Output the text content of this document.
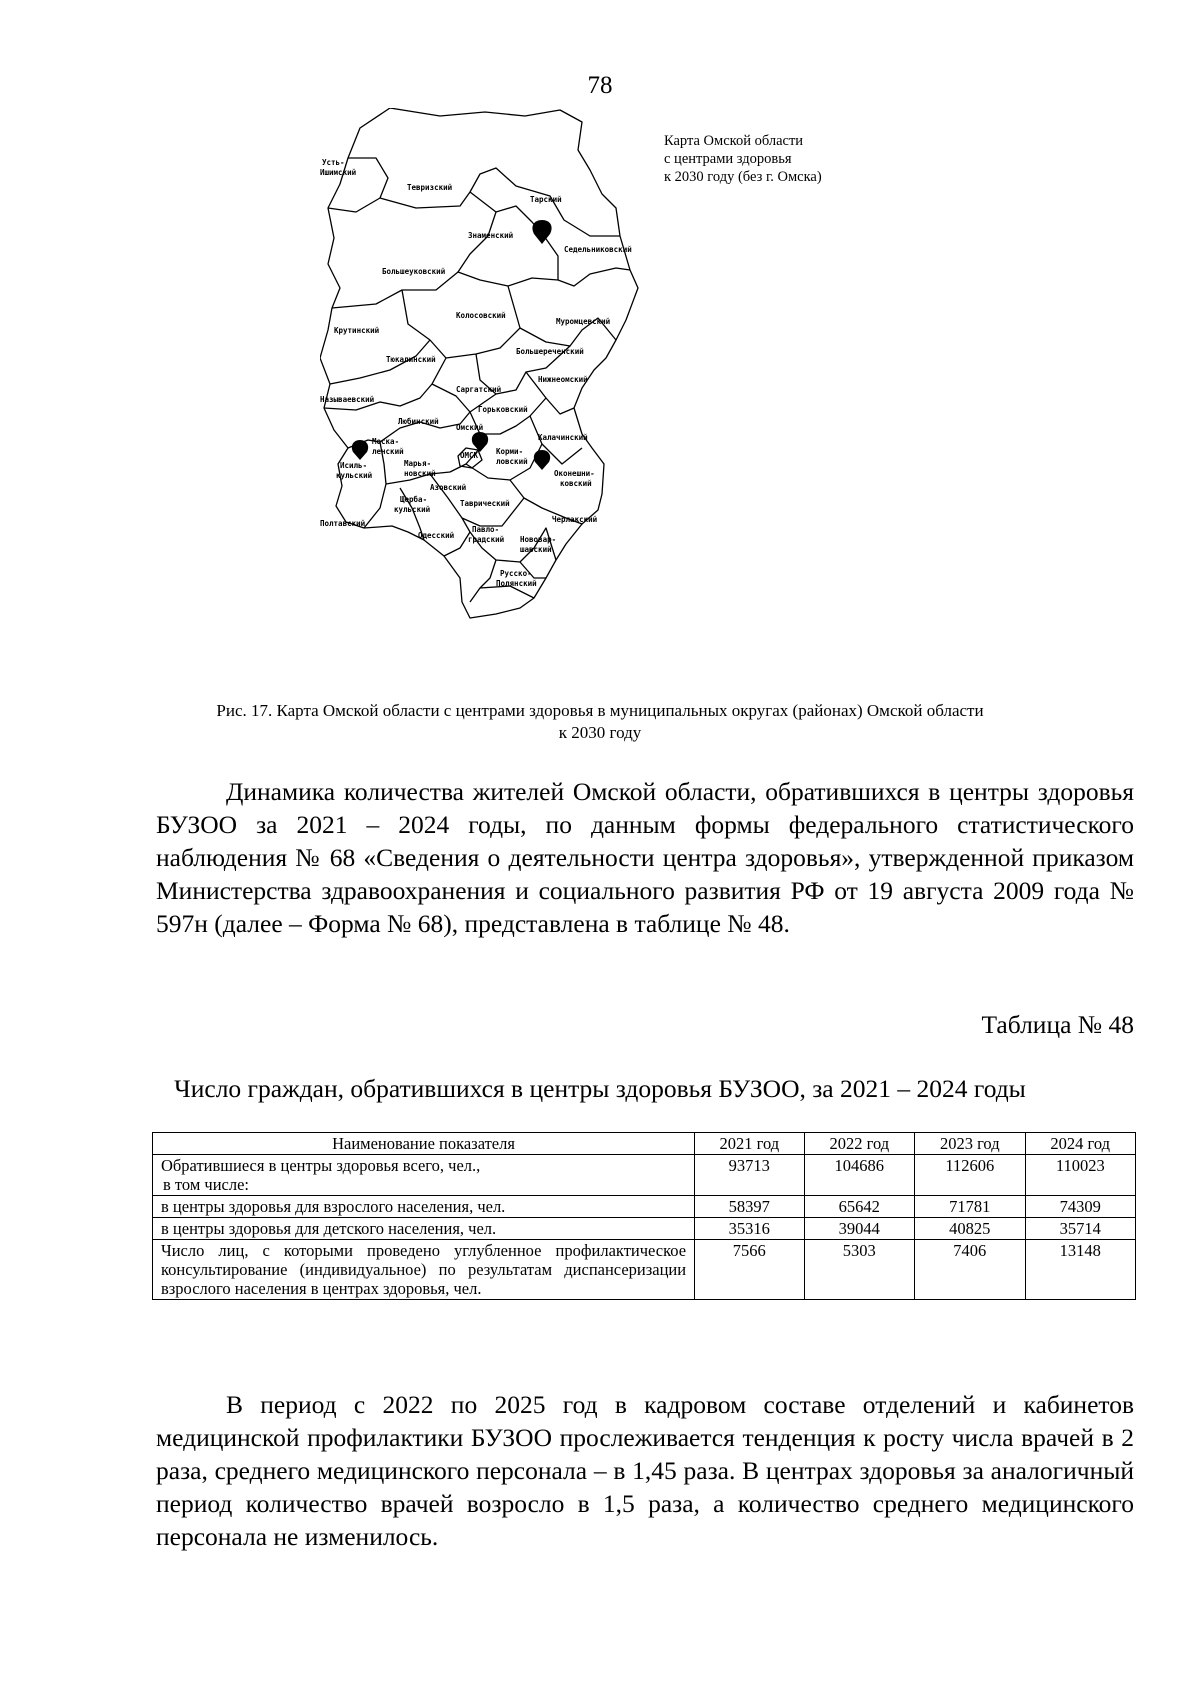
78
Усть-
Ишимский
Тевризский
Тарский
Знаменский
Седельниковский
Большеуковский
Колосовский
Муромцевский
Крутинский
Тюкалинский
Большереченский
Нижнеомский
Саргатский
Называевский
Горьковский
Любинский
Омский
Моска-
ленский
Калачинский
Исиль-
кульский
ОМСК Корми-
ловский
Марья-
новский	Оконешни-
ковский
Азовский
Щерба-
кульский
Таврический
Черлакский
Полтавский
Одесский
Павло-
градский Нововар-
шавский
Русско-
Полянский
Карта Омской области
с центрами здоровья
к 2030 году (без г. Омска)
Рис. 17. Карта Омской области с центрами здоровья в муниципальных округах (районах) Омской области
к 2030 году

Динамика количества жителей Омской области, обратившихся в центры здоровья БУЗОО за 2021 – 2024 годы, по данным формы федерального статистического наблюдения № 68 «Сведения о деятельности центра здоровья», утвержденной приказом Министерства здравоохранения и социального развития РФ от 19 августа 2009 года № 597н (далее – Форма № 68), представлена в таблице № 48.

Таблица № 48
Число граждан, обратившихся в центры здоровья БУЗОО, за 2021 – 2024 годы
Наименование показателя	2021 год	2022 год	2023 год	2024 год

Обратившиеся в центры здоровья всего, чел.,
в том числе:	93713	104686	112606	110023
в центры здоровья для взрослого населения, чел.	58397	65642	71781	74309
в центры здоровья для детского населения, чел.	35316	39044	40825	35714
Число лиц, с которыми проведено углубленное профилактическое консультирование (индивидуальное) по результатам диспансеризации взрослого населения в центрах здоровья, чел.	7566	5303	7406	13148

В период с 2022 по 2025 год в кадровом составе отделений и кабинетов медицинской профилактики БУЗОО прослеживается тенденция к росту числа врачей в 2 раза, среднего медицинского персонала – в 1,45 раза. В центрах здоровья за аналогичный период количество врачей возросло в 1,5 раза, а количество среднего медицинского персонала не изменилось.
